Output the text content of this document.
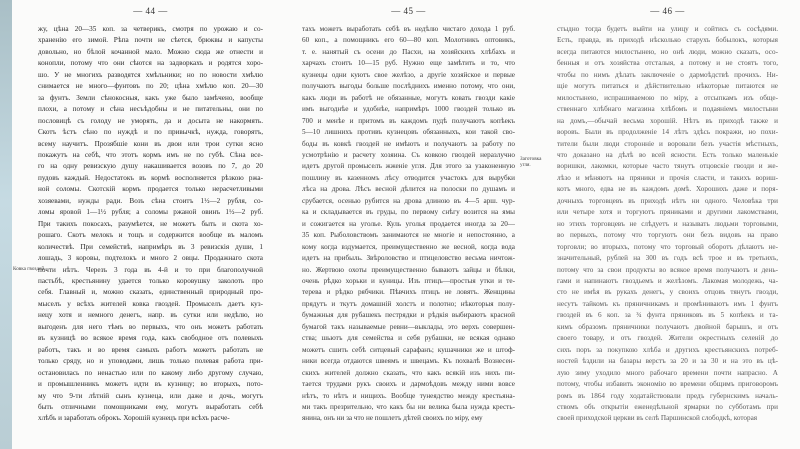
— 44 —
жу, цѣна 20—35 коп. за четверикъ, смотря по урожаю и со-
храненію его зимой. Рѣпа почти не сѣется, брюквы и капусты
довольно, но бѣлой кочанной мало. Можно сюда же отнести и
конопли, потому что они сѣются на задворкахъ и родятся хоро-
шо. У не многихъ разводятся хмѣльники; но по новости хмѣлю
снимается не много—фунтовъ по 20; цѣна хмѣлю коп. 20—30
за фунтъ. Земли сѣнокосныя, какъ уже было замѣчено, вообще
плохи, а потому и сѣна несъѣдобны и не питательны, они по
пословицѣ съ голоду не уморять, да и досыта не накормять.
Скотъ ѣстъ сѣно по нуждѣ и по привычкѣ, нужда, говорятъ,
всему научитъ. Прозябшіе кони въ двои или трои сутки ясно
покажутъ на себѣ, что этотъ кормъ имъ не по губѣ. Сѣна все-
го на одну ревизскую душу накашивается возовъ по 7, до 20
пудовъ каждый. Недостатокъ въ кормѣ восполняется рѣзкою ржа-
ной соломы. Скотскій кормъ продается только нерасчетливыми
хозяевами, нужды ради. Возъ сѣна стоитъ 1½—2 рубля, со-
ломы яровой 1—1½ рубля; а соломы ржаной овинъ 1½—2 руб.
При такихъ покосахъ, разумѣется, не можетъ быть и скота хо-
рошаго. Скотъ мелокъ и тощъ и содержится вообще въ маломъ
количествѣ. При семействѣ, напримѣръ въ 3 ревизскія души, 1
лошадь, 3 коровы, подтелокъ и много 2 овцы. Продажнаго скота
почти нѣтъ. Черезъ 3 года въ 4-й и то при благополучной
пастьбѣ, крестьянину удается только коровушку заколоть про
себя. Главный и, можно сказать, единственный природный про-
мыселъ у всѣхъ жителей ковка гвоздей. Промыселъ даетъ куз-
нецу хотя и немного денегъ, напр. въ сутки или недѣлю, но
выгоденъ для него тѣмъ во первыхъ, что онъ можетъ работать
въ кузницѣ во всякое время года, какъ свободное отъ полевыхъ
работъ, такъ и во время самыхъ работъ можетъ работать не
только сряду, но и уповодами, лишь только полевая работа при-
остановилась по ненастью или по какому либо другому случаю,
и промышленникъ можетъ идти въ кузницу; во вторыхъ, пото-
му что 9-ти лѣтній сынъ кузнеца, или даже и дочь, могутъ
быть отличными помощниками ему, могутъ выработать себѣ
хлѣбъ и заработать оброкъ. Хорошій кузнецъ при всѣхъ расче-
Ковка гвоздей
— 45 —
тахъ можетъ выработать себѣ въ недѣлю чистаго дохода 1 руб.
60 коп., а помощникъ его 60—80 коп. Молотникъ оптовикъ,
т. е. нанятый съ осени до Пасхи, на хозяйскихъ хлѣбахъ и
харчахъ стоитъ 10—15 руб. Нужно еще замѣтить и то, что
кузнецы одни куютъ свое желѣзо, а другіе хозяйское и первые
получаютъ выгоды больше послѣднихъ именно потому, что они,
какъ люди въ работѣ не обязанные, могутъ ковать гвозди какіе
имъ выгоднѣе и удобнѣе, напримѣръ 1000 гвоздей только въ
700 и менѣе и притомъ въ каждомъ пудѣ получаютъ копѣекъ
5—10 лишнихъ противъ кузнецовъ обязанныхъ, кои такой сво-
боды въ ковкѣ гвоздей не имѣютъ и получаютъ за работу по
усмотрѣнію и расчету хозяина. Съ ковкою гвоздей неразлучно
идетъ другой промыселъ жженіе угля. Для этого за узаконенную
пошлину въ казенномъ лѣсу отводится участокъ для вырубки
лѣса на дрова. Лѣсъ весной дѣлится на полоски по душамъ и
срубается, осенью рубится на дрова длиною въ 4—5 арш. чур-
ка и складывается въ груды, по первому снѣгу возится на ямы
и сожигается на уголье. Куль уголья продается иногда за 20—
35 коп. Рыболовствомъ занимаются не многіе и непостоянно, а
кому когда вздумается, преимущественно же весной, когда вода
идетъ на прибыль. Звѣроловство и птицеловство весьма ничтож-
но. Жертвою охоты преимущественно бываютъ зайцы и бѣлки,
очень рѣдко хорьки и куницы. Изъ птицъ—простыя утки и те-
терева и рѣдко рябчики. Пѣвчихъ птицъ не ловятъ. Женщины
прядутъ и ткутъ домашній холстъ и полотно; нѣкоторыя полу-
бумажныя для рубашекъ пестрядки и рѣдкія выбираютъ красной
бумагой такъ называемые ревни—выклады, это верхъ совершен-
ства; шьютъ для семейства и себя рубашки, не всякая однако
можетъ сшить себѣ ситцевый сарафанъ; кушачники же и штоф-
ники всегда отдаются швеямъ и швецамъ. Къ похвалѣ Вознесен-
скихъ жителей должно сказать, что какъ всякій изъ нихъ пи-
тается трудами рукъ своихъ и дармоѣдовъ между ними вовсе
нѣтъ, то нѣтъ и нищихъ. Вообще тунеядство между крестьяна-
ми такъ презрительно, что какъ бы ни велика была нужда кресть-
янина, онъ ни за что не пошлетъ дѣтей своихъ по міру, ему
Заготовка угля.
— 46 —
стыдно тогда будетъ выйти на улицу и сойтись съ сосѣдями.
Есть, правда, въ приходѣ нѣсколько старухъ бобылокъ, которыя
всегда питаются милостынею, но онѣ люди, можно сказать, осо-
бенныя и отъ хозяйства отсталыя, а потому и не стоятъ того,
чтобы по нимъ дѣлать заключеніе о дармоѣдствѣ прочихъ. Ни-
щіе могутъ питаться и дѣйствительно нѣкоторые питаются не
милостынею, испрашиваемою по міру, а отсыпкамъ изъ обще-
ственнаго хлѣбнаго магазина хлѣбомъ и подаяніемъ милостыни
на домъ,—обычай весьма хорошій. Нѣтъ въ приходѣ также и
воровъ. Были въ продолженіе 14 лѣтъ здѣсь покражи, но похи-
тители были люди сторонніе и воровали безъ участія мѣстныхъ,
что доказано на дѣлѣ во всей ясности. Есть только маленькіе
воришки, лакомки, которые часто тянутъ отцовскіе гвозди и же-
лѣзо и мѣняютъ на пряники и прочія сласти, и такихъ вориш-
котъ много, едва не въ каждомъ домѣ. Хорошихъ даже и поря-
дочныхъ торговцевъ въ приходѣ нѣтъ ни одного. Человѣка три
или четыре хотя и торгуютъ пряниками и другими лакомствами,
но этихъ торговцевъ не слѣдуетъ и называть людьми торговыми,
во первыхъ, потому что торгуютъ они безъ видовъ на право
торговли; во вторыхъ, потому что торговый оборотъ дѣлаютъ не-
значительный, рублей на 300 въ годъ всѣ трое и въ третьихъ,
потому что за свои продукты во всякое время получаютъ и день-
гами и напинаютъ гвоздьемъ и желѣзомъ. Лакомая молодежь, ча-
сто не имѣя въ рукахъ денегъ, у своихъ отцовъ тянутъ гвозди,
несутъ тайкомъ къ пряничникамъ и промѣниваютъ имъ 1 фунтъ
гвоздей въ 6 коп. за ¾ фунта пряниковъ въ 5 копѣекъ и та-
кимъ образомъ пряничники получаютъ двойной барышъ, и отъ
своего товару, и отъ гвоздей. Жители окрестныхъ селеній до
сихъ поръ за покупкою хлѣба и другихъ крестьянскихъ потреб-
ностей ѣздили на базары верстъ за 20 и за 30 и на это въ цѣ-
лую зиму уходило много рабочаго времени почти напрасно. А
потому, чтобы избавить экономію во времени общимъ приговоромъ
ромъ въ 1864 году ходатайствовали предъ губернскимъ началь-
ствомъ объ открытіи еженедѣльной ярмарки по субботамъ при
своей приходской церкви въ селѣ Паршинской слободкѣ, которая
